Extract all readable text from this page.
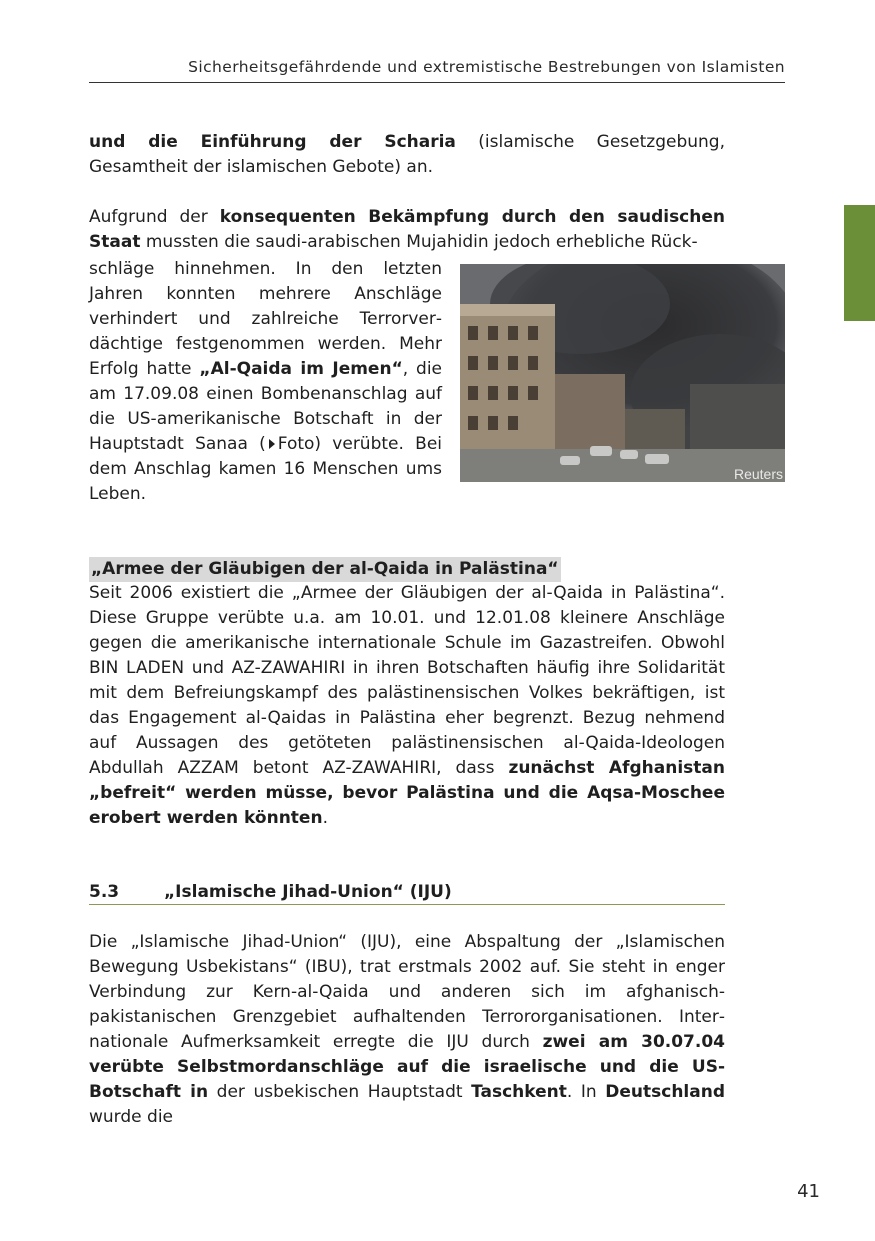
Sicherheitsgefährdende und extremistische Bestrebungen von Islamisten

und die Einführung der Scharia (islamische Gesetzgebung, Gesamtheit der islamischen Gebote) an.

Aufgrund der konsequenten Bekämpfung durch den saudischen Staat mussten die saudi-arabischen Mujahidin jedoch erhebliche Rück-

schläge hinnehmen. In den letzten Jahren konnten mehrere Anschläge verhindert und zahlreiche Terrorverdächtige festgenommen werden. Mehr Erfolg hatte „Al-Qaida im Jemen“, die am 17.09.08 einen Bombenanschlag auf die US-amerikanische Botschaft in der Hauptstadt Sanaa ( Foto) verübte. Bei dem Anschlag kamen 16 Menschen ums Leben.

Reuters
„Armee der Gläubigen der al-Qaida in Palästina“

Seit 2006 existiert die „Armee der Gläubigen der al-Qaida in Palästina“. Diese Gruppe verübte u.a. am 10.01. und 12.01.08 kleinere Anschläge gegen die amerikanische internationale Schule im Gazastreifen. Obwohl BIN LADEN und AZ-ZAWAHIRI in ihren Botschaften häufig ihre Solidarität mit dem Befreiungskampf des palästinensischen Volkes bekräftigen, ist das Engagement al-Qaidas in Palästina eher begrenzt. Bezug nehmend auf Aussagen des getöteten palästinensischen al-Qaida-Ideologen Abdullah AZZAM betont AZ-ZAWAHIRI, dass zunächst Afghanistan „befreit“ werden müsse, bevor Palästina und die Aqsa-Moschee erobert werden könnten.

5.3	„Islamische Jihad-Union“ (IJU)

Die „Islamische Jihad-Union“ (IJU), eine Abspaltung der „Islamischen Bewegung Usbekistans“ (IBU), trat erstmals 2002 auf. Sie steht in enger Verbindung zur Kern-al-Qaida und anderen sich im afghanisch-pakistanischen Grenzgebiet aufhaltenden Terrororganisationen. Internationale Aufmerksamkeit erregte die IJU durch zwei am 30.07.04 verübte Selbstmordanschläge auf die israelische und die US- Botschaft in der usbekischen Hauptstadt Taschkent. In Deutschland wurde die

41
